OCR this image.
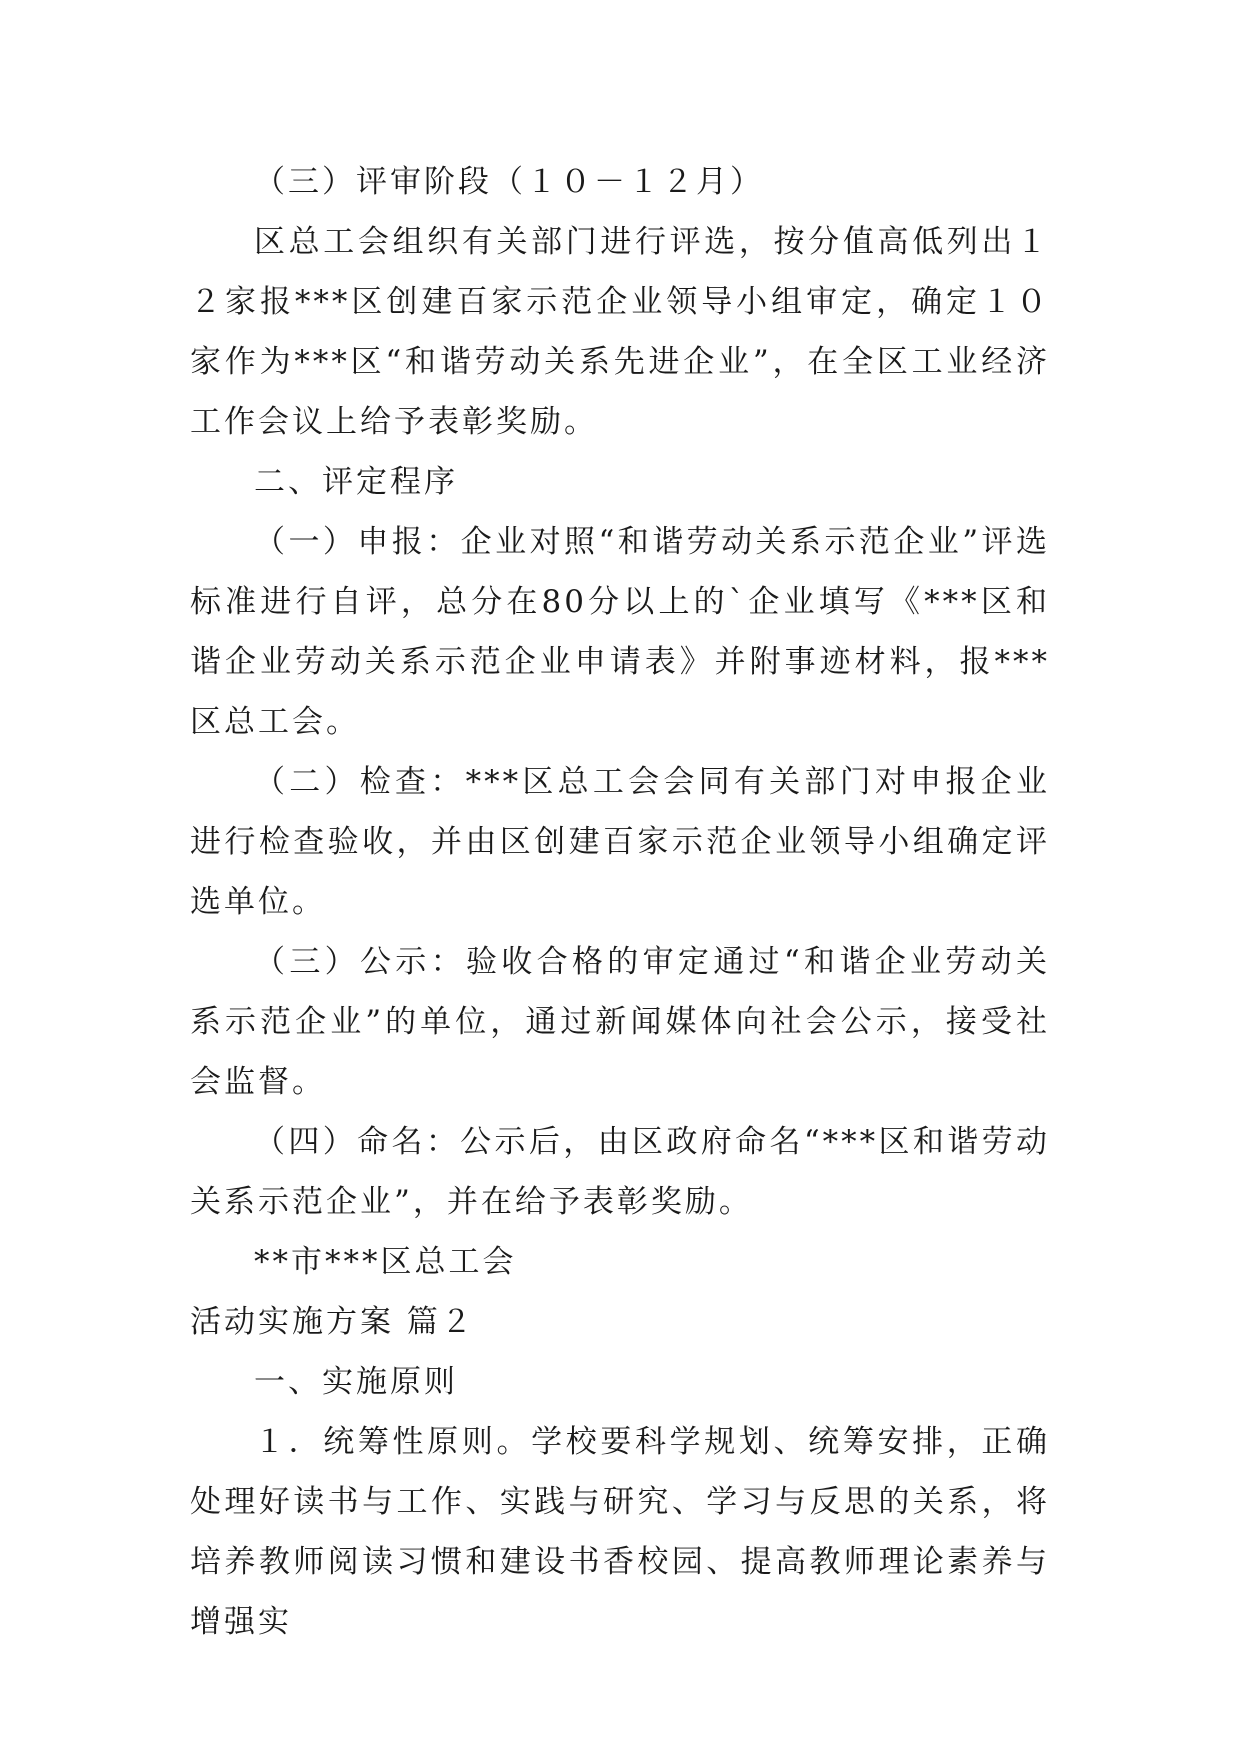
（三）评审阶段（１０－１２月）

区总工会组织有关部门进行评选，按分值高低列出１２家报***区创建百家示范企业领导小组审定，确定１０家作为***区“和谐劳动关系先进企业”，在全区工业经济工作会议上给予表彰奖励。

二、评定程序

（一）申报：企业对照“和谐劳动关系示范企业”评选标准进行自评，总分在80分以上的`企业填写《***区和谐企业劳动关系示范企业申请表》并附事迹材料，报***区总工会。

（二）检查：***区总工会会同有关部门对申报企业进行检查验收，并由区创建百家示范企业领导小组确定评选单位。

（三）公示：验收合格的审定通过“和谐企业劳动关系示范企业”的单位，通过新闻媒体向社会公示，接受社会监督。

（四）命名：公示后，由区政府命名“***区和谐劳动关系示范企业”，并在给予表彰奖励。

**市***区总工会

活动实施方案 篇２

一、实施原则

１．统筹性原则。学校要科学规划、统筹安排，正确处理好读书与工作、实践与研究、学习与反思的关系，将培养教师阅读习惯和建设书香校园、提高教师理论素养与增强实
